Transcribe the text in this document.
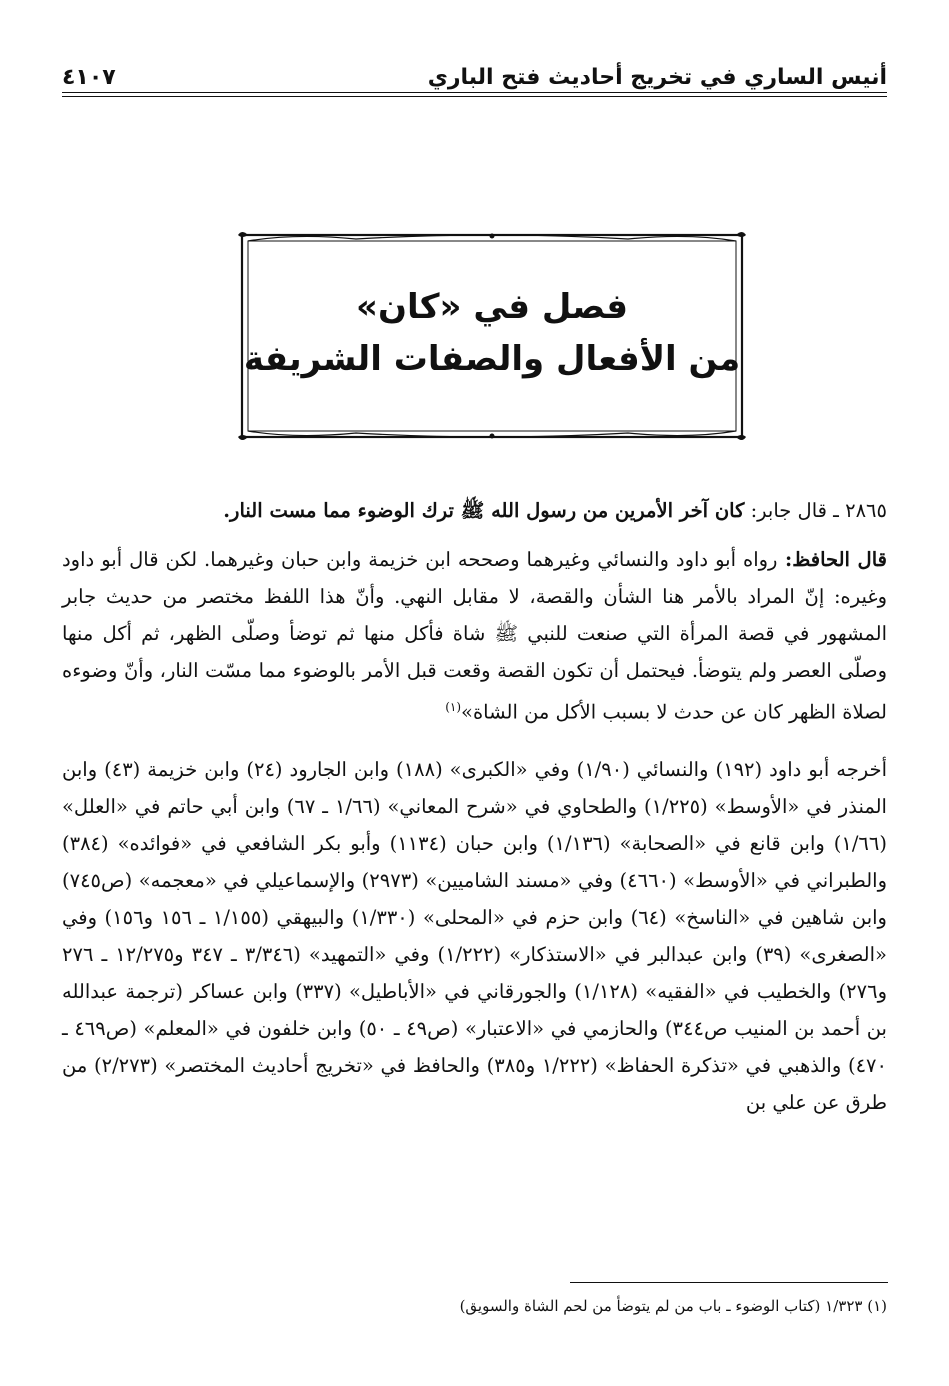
أنيس الساري في تخريج أحاديث فتح الباري
٤١٠٧
فصل في «كان»
من الأفعال والصفات الشريفة

٢٨٦٥ ـ قال جابر: كان آخر الأمرين من رسول الله ﷺ ترك الوضوء مما مست النار.

قال الحافظ: رواه أبو داود والنسائي وغيرهما وصححه ابن خزيمة وابن حبان وغيرهما. لكن قال أبو داود وغيره: إنّ المراد بالأمر هنا الشأن والقصة، لا مقابل النهي. وأنّ هذا اللفظ مختصر من حديث جابر المشهور في قصة المرأة التي صنعت للنبي ﷺ شاة فأكل منها ثم توضأ وصلّى الظهر، ثم أكل منها وصلّى العصر ولم يتوضأ. فيحتمل أن تكون القصة وقعت قبل الأمر بالوضوء مما مسّت النار، وأنّ وضوءه لصلاة الظهر كان عن حدث لا بسبب الأكل من الشاة»$^{(١)}$

أخرجه أبو داود (١٩٢) والنسائي (١/٩٠) وفي «الكبرى» (١٨٨) وابن الجارود (٢٤) وابن خزيمة (٤٣) وابن المنذر في «الأوسط» (١/٢٢٥) والطحاوي في «شرح المعاني» (١/٦٦ ـ ٦٧) وابن أبي حاتم في «العلل» (١/٦٦) وابن قانع في «الصحابة» (١/١٣٦) وابن حبان (١١٣٤) وأبو بكر الشافعي في «فوائده» (٣٨٤) والطبراني في «الأوسط» (٤٦٦٠) وفي «مسند الشاميين» (٢٩٧٣) والإسماعيلي في «معجمه» (ص٧٤٥) وابن شاهين في «الناسخ» (٦٤) وابن حزم في «المحلى» (١/٣٣٠) والبيهقي (١/١٥٥ ـ ١٥٦ و١٥٦) وفي «الصغرى» (٣٩) وابن عبدالبر في «الاستذكار» (١/٢٢٢) وفي «التمهيد» (٣/٣٤٦ ـ ٣٤٧ و١٢/٢٧٥ ـ ٢٧٦ و٢٧٦) والخطيب في «الفقيه» (١/١٢٨) والجورقاني في «الأباطيل» (٣٣٧) وابن عساكر (ترجمة عبدالله بن أحمد بن المنيب ص٣٤٤) والحازمي في «الاعتبار» (ص٤٩ ـ ٥٠) وابن خلفون في «المعلم» (ص٤٦٩ ـ ٤٧٠) والذهبي في «تذكرة الحفاظ» (١/٢٢٢ و٣٨٥) والحافظ في «تخريج أحاديث المختصر» (٢/٢٧٣) من طرق عن علي بن

(١) ١/٣٢٣ (كتاب الوضوء ـ باب من لم يتوضأ من لحم الشاة والسويق)
